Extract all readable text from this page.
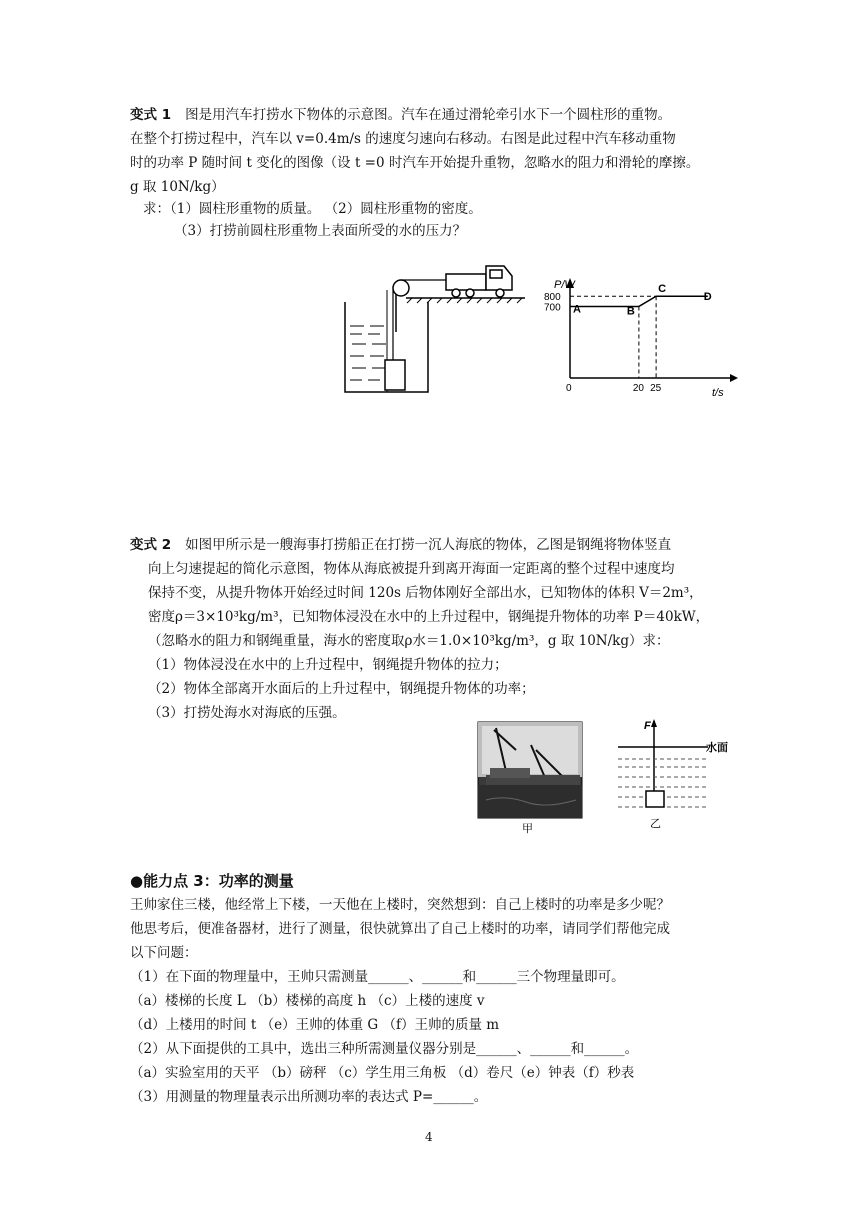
变式 1 图是用汽车打捞水下物体的示意图。汽车在通过滑轮牵引水下一个圆柱形的重物。
在整个打捞过程中，汽车以 v=0.4m/s 的速度匀速向右移动。右图是此过程中汽车移动重物
时的功率 P 随时间 t 变化的图像（设 t =0 时汽车开始提升重物，忽略水的阻力和滑轮的摩擦。
g 取 10N/kg）
求：（1）圆柱形重物的质量。 （2）圆柱形重物的密度。
（3）打捞前圆柱形重物上表面所受的水的压力？
P/W
t/s
A	B
C
D
700
800
0	20 25
变式 2 如图甲所示是一艘海事打捞船正在打捞一沉人海底的物体，乙图是钢绳将物体竖直
向上匀速提起的简化示意图，物体从海底被提升到离开海面一定距离的整个过程中速度均
保持不变，从提升物体开始经过时间 120s 后物体刚好全部出水，已知物体的体积 V＝2m³，
密度ρ＝3×10³kg/m³，已知物体浸没在水中的上升过程中，钢绳提升物体的功率 P＝40kW，
（忽略水的阻力和钢绳重量，海水的密度取ρ水＝1.0×10³kg/m³，g 取 10N/kg）求：
（1）物体浸没在水中的上升过程中，钢绳提升物体的拉力；
（2）物体全部离开水面后的上升过程中，钢绳提升物体的功率；
（3）打捞处海水对海底的压强。
甲
F
水面
乙
●能力点 3：功率的测量
王帅家住三楼，他经常上下楼，一天他在上楼时，突然想到：自己上楼时的功率是多少呢？
他思考后，便准备器材，进行了测量，很快就算出了自己上楼时的功率，请同学们帮他完成
以下问题：
（1）在下面的物理量中，王帅只需测量______、______和______三个物理量即可。
（a）楼梯的长度 L （b）楼梯的高度 h （c）上楼的速度 v
（d）上楼用的时间 t （e）王帅的体重 G （f）王帅的质量 m
（2）从下面提供的工具中，选出三种所需测量仪器分别是______、______和______。
（a）实验室用的天平 （b）磅秤 （c）学生用三角板 （d）卷尺（e）钟表（f）秒表
（3）用测量的物理量表示出所测功率的表达式 P=______。
4
